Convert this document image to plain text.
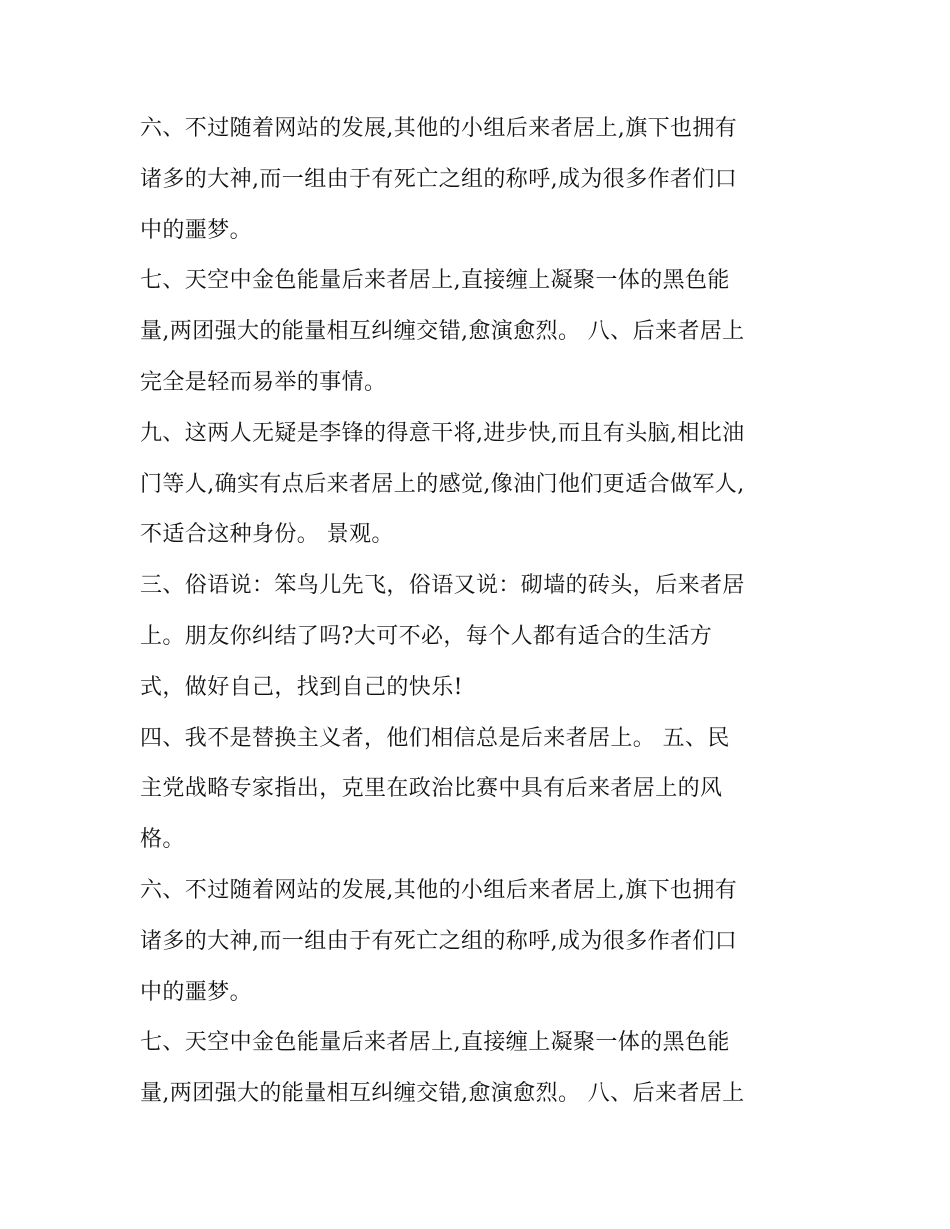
六、不过随着网站的发展,其他的小组后来者居上,旗下也拥有
诸多的大神,而一组由于有死亡之组的称呼,成为很多作者们口
中的噩梦。
七、天空中金色能量后来者居上,直接缠上凝聚一体的黑色能
量,两团强大的能量相互纠缠交错,愈演愈烈。 八、后来者居上
完全是轻而易举的事情。
九、这两人无疑是李锋的得意干将,进步快,而且有头脑,相比油
门等人,确实有点后来者居上的感觉,像油门他们更适合做军人,
不适合这种身份。 景观。
三、俗语说：笨鸟儿先飞，俗语又说：砌墙的砖头，后来者居
上。朋友你纠结了吗?大可不必，每个人都有适合的生活方
式，做好自己，找到自己的快乐!
四、我不是替换主义者，他们相信总是后来者居上。 五、民
主党战略专家指出，克里在政治比赛中具有后来者居上的风
格。
六、不过随着网站的发展,其他的小组后来者居上,旗下也拥有
诸多的大神,而一组由于有死亡之组的称呼,成为很多作者们口
中的噩梦。
七、天空中金色能量后来者居上,直接缠上凝聚一体的黑色能
量,两团强大的能量相互纠缠交错,愈演愈烈。 八、后来者居上
